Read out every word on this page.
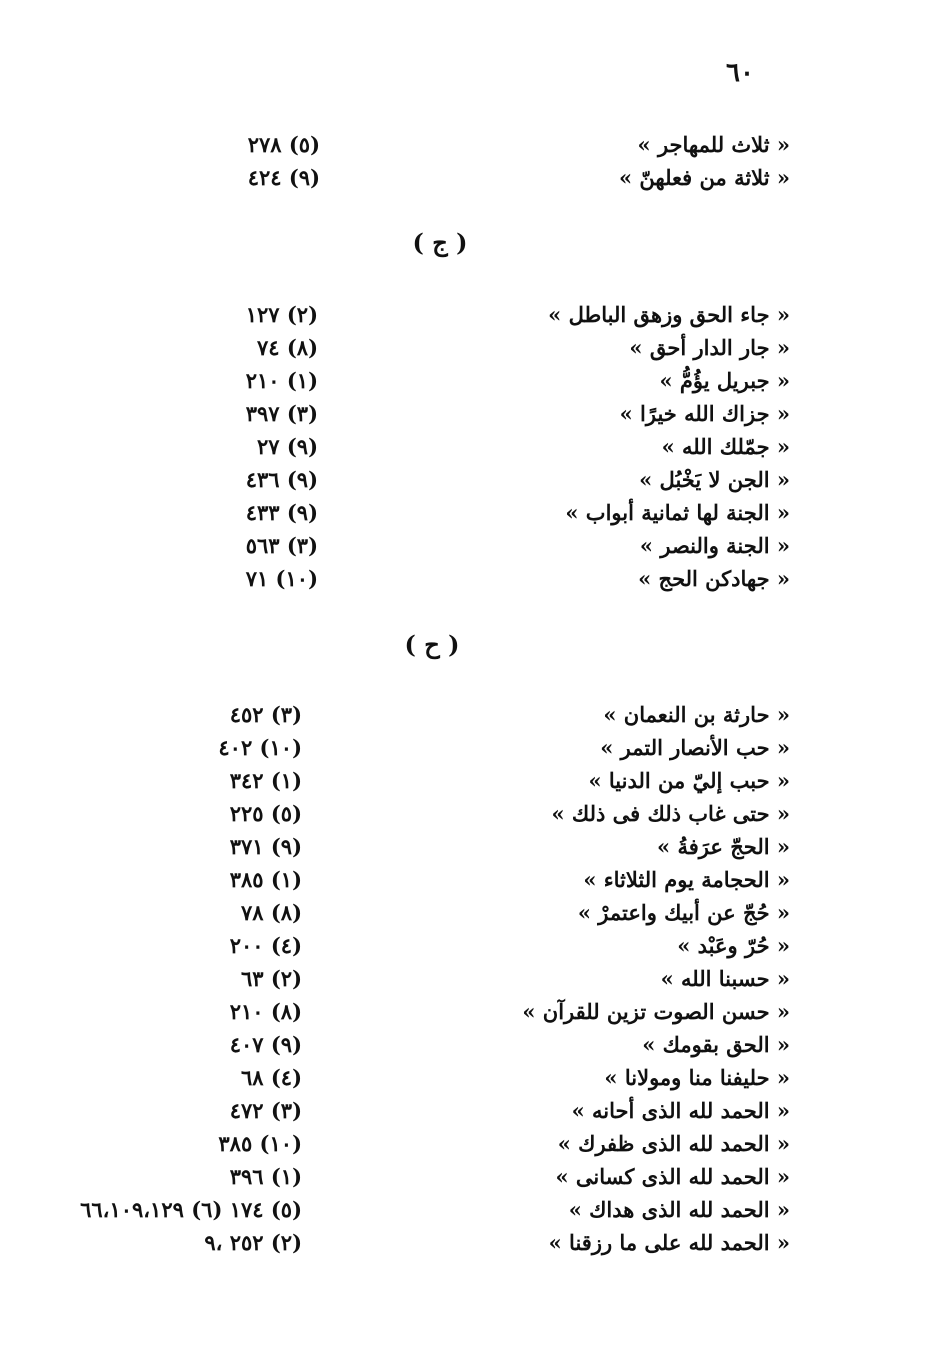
٦٠
« ثلاث للمهاجر »
(٥) ٢٧٨
« ثلاثة من فعلهنّ »
(٩) ٤٢٤
( ج )
« جاء الحق وزهق الباطل »
(٢) ١٢٧
« جار الدار أحق »
(٨) ٧٤
« جبريل يؤُمُّ »
(١) ٢١٠
« جزاك الله خيرًا »
(٣) ٣٩٧
« جمّلك الله »
(٩) ٢٧
« الجن لا يَخْبُل »
(٩) ٤٣٦
« الجنة لها ثمانية أبواب »
(٩) ٤٣٣
« الجنة والنصر »
(٣) ٥٦٣
« جهادكن الحج »
(١٠) ٧١
( ح )
« حارثة بن النعمان »
(٣) ٤٥٢
« حب الأنصار التمر »
(١٠) ٤٠٢
« حبب إليّ من الدنيا »
(١) ٣٤٢
« حتى غاب ذلك فى ذلك »
(٥) ٢٢٥
« الحجّ عرَفةُ »
(٩) ٣٧١
« الحجامة يوم الثلاثاء »
(١) ٣٨٥
« حُجّ عن أبيك واعتمرْ »
(٨) ٧٨
« حُرّ وعَبْد »
(٤) ٢٠٠
« حسبنا الله »
(٢) ٦٣
« حسن الصوت تزين للقرآن »
(٨) ٢١٠
« الحق بقومك »
(٩) ٤٠٧
« حليفنا منا ومولانا »
(٤) ٦٨
« الحمد لله الذى أحانه »
(٣) ٤٧٢
« الحمد لله الذى ظفرك »
(١٠) ٣٨٥
« الحمد لله الذى كسانى »
(١) ٣٩٦
« الحمد لله الذى هداك »
(٥) ١٧٤ (٦) ٦٦،١٠٩،١٢٩
« الحمد لله على ما رزقنا »
(٢) ٢٥٢ ،٩
